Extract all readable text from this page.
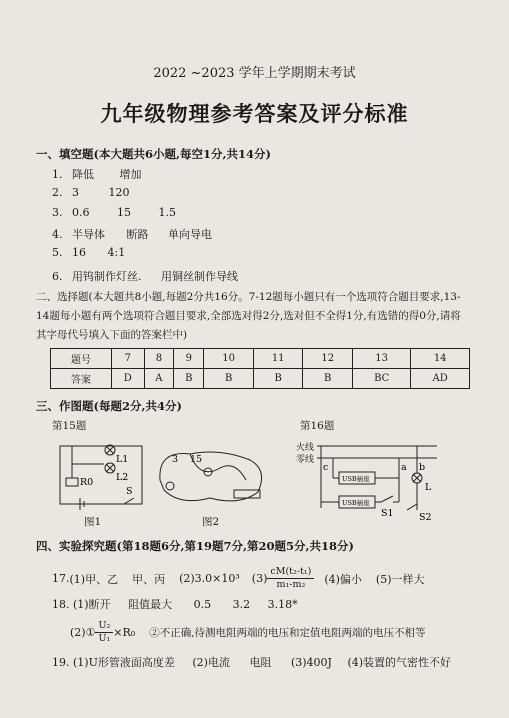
2022 ~2023 学年上学期期末考试
九年级物理参考答案及评分标准
一、填空题(本大题共6小题,每空1分,共14分)
1. 降低 增加
2. 3	120
3. 0.6	15	1.5
4. 半导体 断路 单向导电
5. 16 4:1
6. 用钨制作灯丝. 用铜丝制作导线
二、选择题(本大题共8小题,每题2分共16分。7-12题每小题只有一个选项符合题目要求,13-14题每小题有两个选项符合题目要求,全部选对得2分,选对但不全得1分,有选错的得0分,请将其字母代号填入下面的答案栏中)
题号	7	8	9	10	11	12	13	14
答案	D	A	B	B	B	B	BC	AD
三、作图题(每题2分,共4分)
第15题	第16题
L1
L2
R0
S
图1
3 15
图2
火线
零线
USB插座
USB插座
S1	S2
L
a b
c
四、实验探究题(第18题6分,第19题7分,第20题5分,共18分)
17. (1)甲、乙 甲、丙 (2)3.0×10³ $(3) \frac{\text{cM(t₂-t₁)}}{\text{m₁-m₂}} (4)$偏小 (5)一样大
18. (1)断开 阻值最大 0.5 3.2 3.18*
(2)① $\frac{\text{U₂}}{\text{U₁}} \times R_0$ ②不正确,待测电阻两端的电压和定值电阻两端的电压不相等
19. (1)U形管液面高度差 (2)电流 电阻 (3)400J (4)装置的气密性不好
